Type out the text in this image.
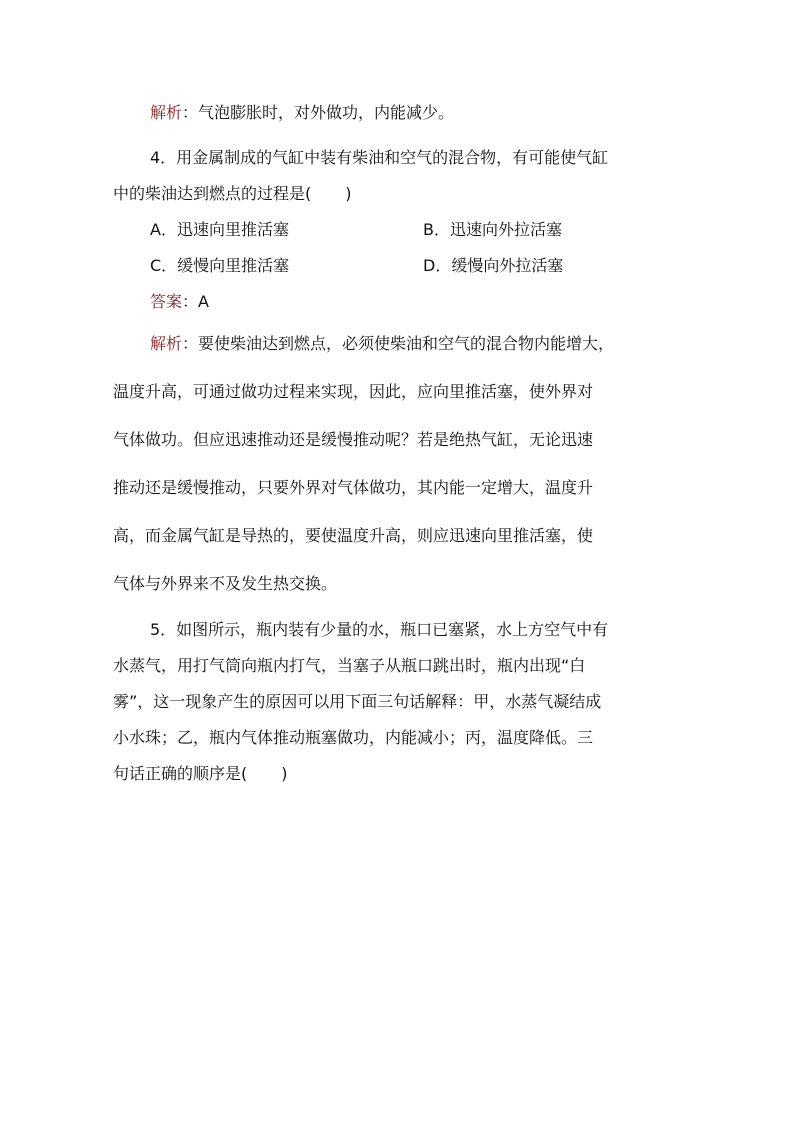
解析：气泡膨胀时，对外做功，内能减少。
4．用金属制成的气缸中装有柴油和空气的混合物，有可能使气缸
中的柴油达到燃点的过程是( )
A．迅速向里推活塞	B．迅速向外拉活塞
C．缓慢向里推活塞	D．缓慢向外拉活塞
答案：A
解析：要使柴油达到燃点，必须使柴油和空气的混合物内能增大，
温度升高，可通过做功过程来实现，因此，应向里推活塞，使外界对
气体做功。但应迅速推动还是缓慢推动呢？若是绝热气缸，无论迅速
推动还是缓慢推动，只要外界对气体做功，其内能一定增大，温度升
高，而金属气缸是导热的，要使温度升高，则应迅速向里推活塞，使
气体与外界来不及发生热交换。
5．如图所示，瓶内装有少量的水，瓶口已塞紧，水上方空气中有
水蒸气，用打气筒向瓶内打气，当塞子从瓶口跳出时，瓶内出现“白
雾”，这一现象产生的原因可以用下面三句话解释：甲，水蒸气凝结成
小水珠；乙，瓶内气体推动瓶塞做功，内能减小；丙，温度降低。三
句话正确的顺序是( )
